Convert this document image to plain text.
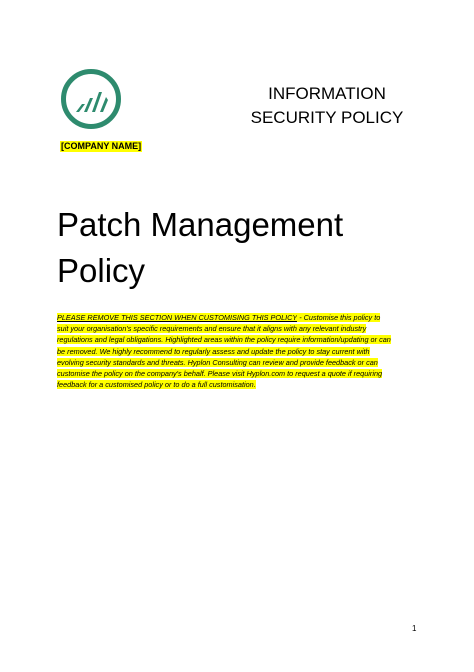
[COMPANY NAME]
INFORMATION
SECURITY POLICY
Patch Management
Policy

PLEASE REMOVE THIS SECTION WHEN CUSTOMISING THIS POLICY - Customise this policy to suit your organisation's specific requirements and ensure that it aligns with any relevant industry regulations and legal obligations. Highlighted areas within the policy require information/updating or can be removed. We highly recommend to regularly assess and update the policy to stay current with evolving security standards and threats. Hyplon Consulting can review and provide feedback or can customise the policy on the company's behalf. Please visit Hyplon.com to request a quote if requiring feedback for a customised policy or to do a full customisation.

1
